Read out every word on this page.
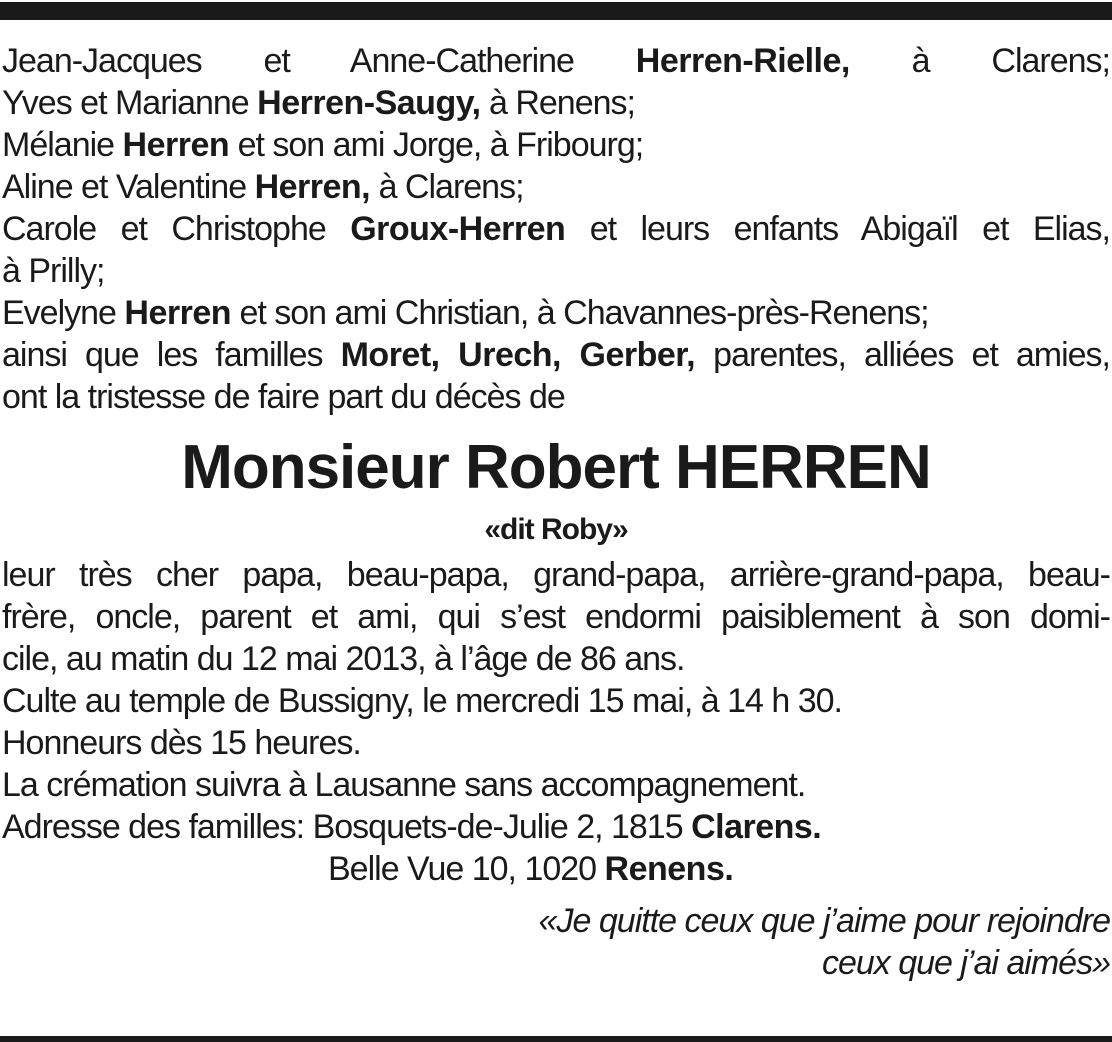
Jean-Jacques et Anne-Catherine Herren-Rielle, à Clarens;
Yves et Marianne Herren-Saugy, à Renens;
Mélanie Herren et son ami Jorge, à Fribourg;
Aline et Valentine Herren, à Clarens;
Carole et Christophe Groux-Herren et leurs enfants Abigaïl et Elias,
à Prilly;
Evelyne Herren et son ami Christian, à Chavannes-près-Renens;
ainsi que les familles Moret, Urech, Gerber, parentes, alliées et amies,
ont la tristesse de faire part du décès de
Monsieur Robert HERREN
«dit Roby»
leur très cher papa, beau-papa, grand-papa, arrière-grand-papa, beau-
frère, oncle, parent et ami, qui s’est endormi paisiblement à son domi-
cile, au matin du 12 mai 2013, à l’âge de 86 ans.
Culte au temple de Bussigny, le mercredi 15 mai, à 14 h 30.
Honneurs dès 15 heures.
La crémation suivra à Lausanne sans accompagnement.
Adresse des familles: Bosquets-de-Julie 2, 1815 Clarens.
Belle Vue 10, 1020 Renens.
«Je quitte ceux que j’aime pour rejoindre
ceux que j’ai aimés»
